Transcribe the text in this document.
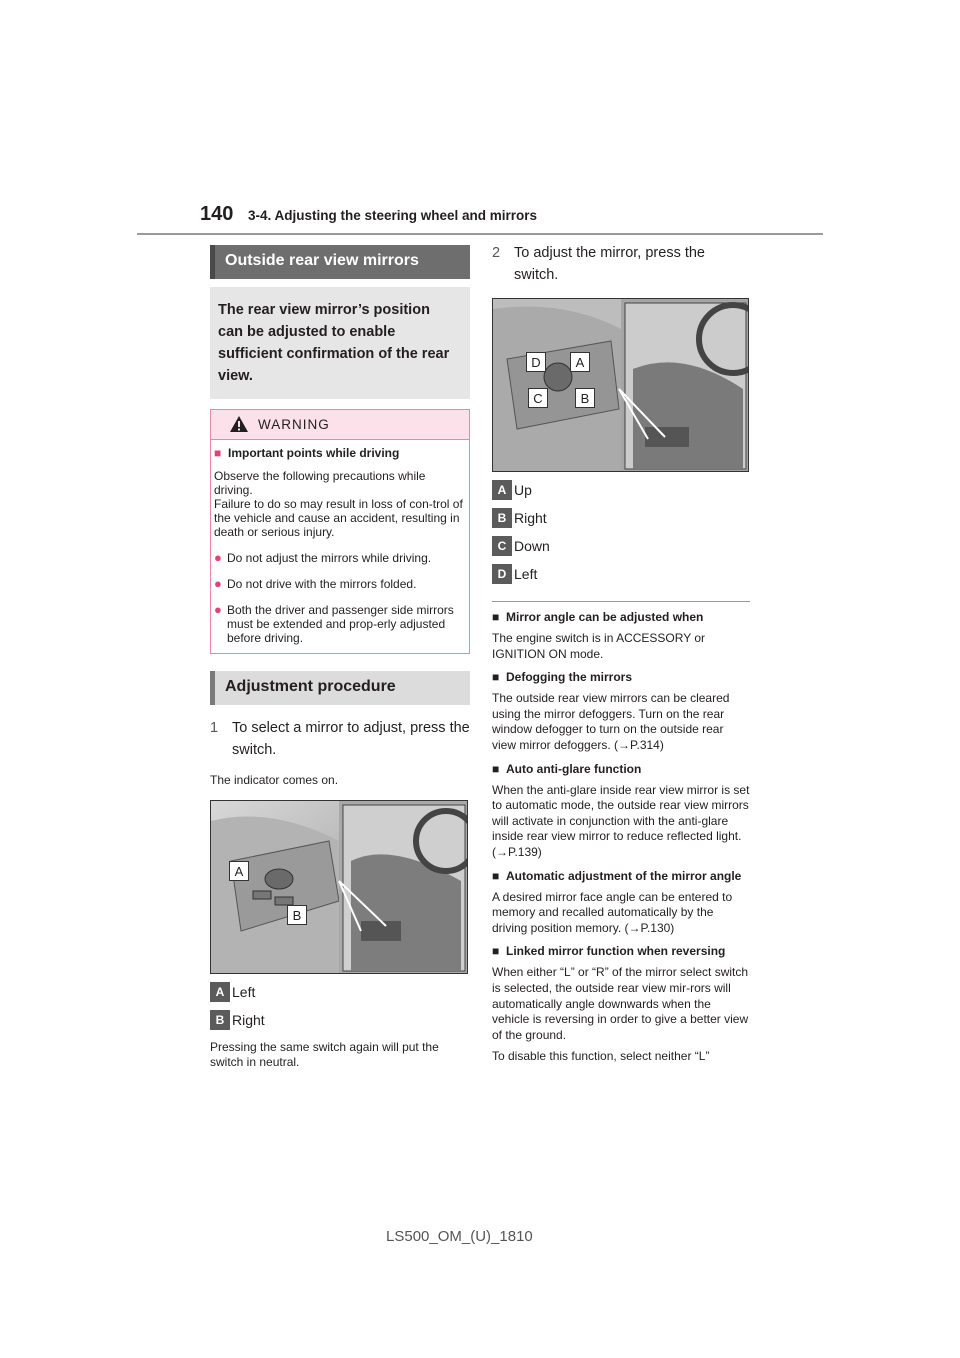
140 3-4. Adjusting the steering wheel and mirrors
Outside rear view mirrors

The rear view mirror’s position can be adjusted to enable sufficient confirmation of the rear view.

WARNING
■ Important points while driving
Observe the following precautions while driving.
Failure to do so may result in loss of con-trol of the vehicle and cause an accident, resulting in death or serious injury.
● Do not adjust the mirrors while driving.
● Do not drive with the mirrors folded.
● Both the driver and passenger side mirrors must be extended and prop-erly adjusted before driving.
Adjustment procedure
1 To select a mirror to adjust, press the switch.
The indicator comes on.
A
B
A Left
B Right
Pressing the same switch again will put the switch in neutral.
2 To adjust the mirror, press the switch.
D	A
C	B
A Up
B Right
C Down
D Left
■ Mirror angle can be adjusted when
The engine switch is in ACCESSORY or IGNITION ON mode.
■ Defogging the mirrors
The outside rear view mirrors can be cleared using the mirror defoggers. Turn on the rear window defogger to turn on the outside rear view mirror defoggers. (→P.314)
■ Auto anti-glare function
When the anti-glare inside rear view mirror is set to automatic mode, the outside rear view mirrors will activate in conjunction with the anti-glare inside rear view mirror to reduce reflected light. (→P.139)
■ Automatic adjustment of the mirror angle
A desired mirror face angle can be entered to memory and recalled automatically by the driving position memory. (→P.130)
■ Linked mirror function when reversing
When either “L” or “R” of the mirror select switch is selected, the outside rear view mir-rors will automatically angle downwards when the vehicle is reversing in order to give a better view of the ground.
To disable this function, select neither “L”
LS500_OM_(U)_1810
